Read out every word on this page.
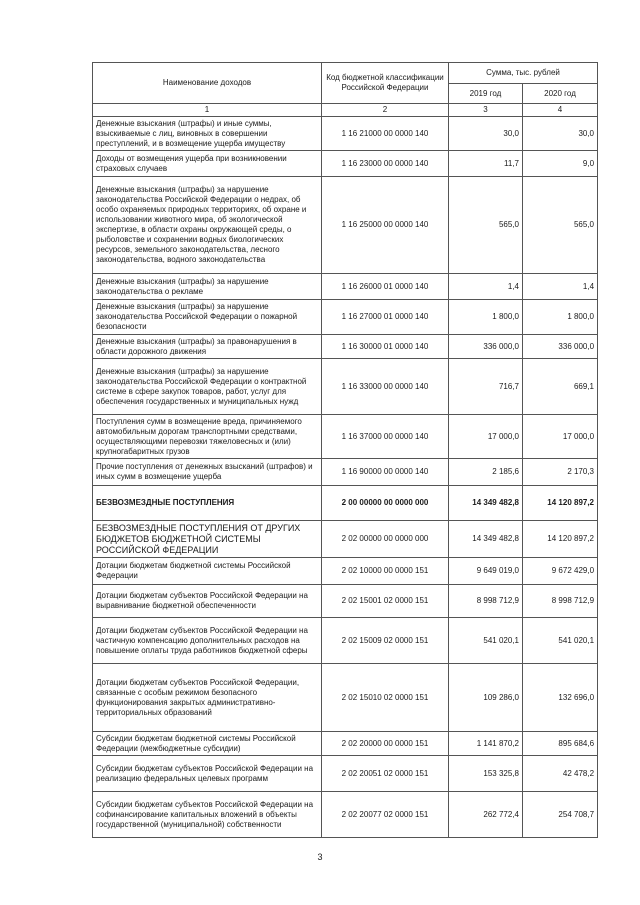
Наименование доходов	Код бюджетной классификации Российской Федерации	Сумма, тыс. рублей	
		2019 год	2020 год
1	2	3	4
Денежные взыскания (штрафы) и иные суммы, взыскиваемые с лиц, виновных в совершении преступлений, и в возмещение ущерба имуществу	1 16 21000 00 0000 140	30,0	30,0
Доходы от возмещения ущерба при возникновении страховых случаев	1 16 23000 00 0000 140	11,7	9,0
Денежные взыскания (штрафы) за нарушение законодательства Российской Федерации о недрах, об особо охраняемых природных территориях, об охране и использовании животного мира, об экологической экспертизе, в области охраны окружающей среды, о рыболовстве и сохранении водных биологических ресурсов, земельного законодательства, лесного законодательства, водного законодательства	1 16 25000 00 0000 140	565,0	565,0
Денежные взыскания (штрафы) за нарушение законодательства о рекламе	1 16 26000 01 0000 140	1,4	1,4
Денежные взыскания (штрафы) за нарушение законодательства Российской Федерации о пожарной безопасности	1 16 27000 01 0000 140	1 800,0	1 800,0
Денежные взыскания (штрафы) за правонарушения в области дорожного движения	1 16 30000 01 0000 140	336 000,0	336 000,0
Денежные взыскания (штрафы) за нарушение законодательства Российской Федерации о контрактной системе в сфере закупок товаров, работ, услуг для обеспечения государственных и муниципальных нужд	1 16 33000 00 0000 140	716,7	669,1
Поступления сумм в возмещение вреда, причиняемого автомобильным дорогам транспортными средствами, осуществляющими перевозки тяжеловесных и (или) крупногабаритных грузов	1 16 37000 00 0000 140	17 000,0	17 000,0
Прочие поступления от денежных взысканий (штрафов) и иных сумм в возмещение ущерба	1 16 90000 00 0000 140	2 185,6	2 170,3
БЕЗВОЗМЕЗДНЫЕ ПОСТУПЛЕНИЯ	2 00 00000 00 0000 000	14 349 482,8	14 120 897,2
БЕЗВОЗМЕЗДНЫЕ ПОСТУПЛЕНИЯ ОТ ДРУГИХ БЮДЖЕТОВ БЮДЖЕТНОЙ СИСТЕМЫ РОССИЙСКОЙ ФЕДЕРАЦИИ	2 02 00000 00 0000 000	14 349 482,8	14 120 897,2
Дотации бюджетам бюджетной системы Российской Федерации	2 02 10000 00 0000 151	9 649 019,0	9 672 429,0
Дотации бюджетам субъектов Российской Федерации на выравнивание бюджетной обеспеченности	2 02 15001 02 0000 151	8 998 712,9	8 998 712,9
Дотации бюджетам субъектов Российской Федерации на частичную компенсацию дополнительных расходов на повышение оплаты труда работников бюджетной сферы	2 02 15009 02 0000 151	541 020,1	541 020,1
Дотации бюджетам субъектов Российской Федерации, связанные с особым режимом безопасного функционирования закрытых административно-территориальных образований	2 02 15010 02 0000 151	109 286,0	132 696,0
Субсидии бюджетам бюджетной системы Российской Федерации (межбюджетные субсидии)	2 02 20000 00 0000 151	1 141 870,2	895 684,6
Субсидии бюджетам субъектов Российской Федерации на реализацию федеральных целевых программ	2 02 20051 02 0000 151	153 325,8	42 478,2
Субсидии бюджетам субъектов Российской Федерации на софинансирование капитальных вложений в объекты государственной (муниципальной) собственности	2 02 20077 02 0000 151	262 772,4	254 708,7
3
